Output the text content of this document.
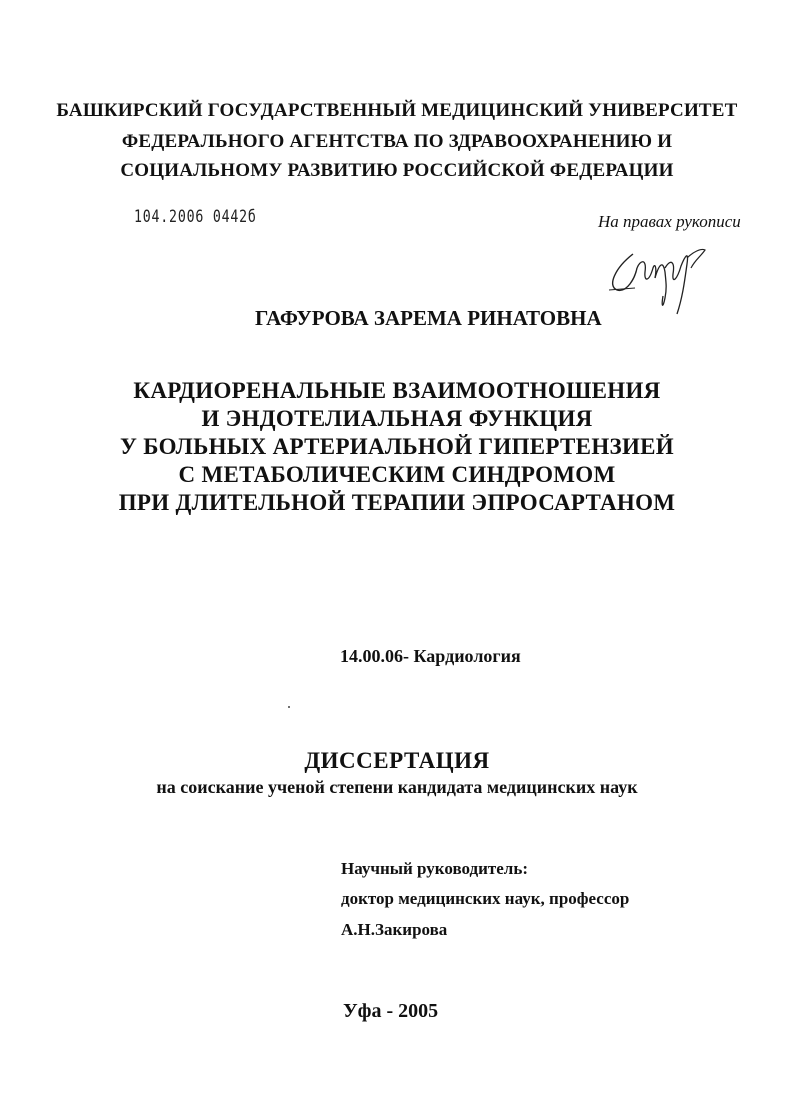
БАШКИРСКИЙ ГОСУДАРСТВЕННЫЙ МЕДИЦИНСКИЙ УНИВЕРСИТЕТ
ФЕДЕРАЛЬНОГО АГЕНТСТВА ПО ЗДРАВООХРАНЕНИЮ И
СОЦИАЛЬНОМУ РАЗВИТИЮ РОССИЙСКОЙ ФЕДЕРАЦИИ
104.2006 0442б	На правах рукописи
ГАФУРОВА ЗАРЕМА РИНАТОВНА
КАРДИОРЕНАЛЬНЫЕ ВЗАИМООТНОШЕНИЯ
И ЭНДОТЕЛИАЛЬНАЯ ФУНКЦИЯ
У БОЛЬНЫХ АРТЕРИАЛЬНОЙ ГИПЕРТЕНЗИЕЙ
С МЕТАБОЛИЧЕСКИМ СИНДРОМОМ
ПРИ ДЛИТЕЛЬНОЙ ТЕРАПИИ ЭПРОСАРТАНОМ
14.00.06- Кардиология
ДИССЕРТАЦИЯ
на соискание ученой степени кандидата медицинских наук
Научный руководитель:
доктор медицинских наук, профессор
А.Н.Закирова
Уфа - 2005
